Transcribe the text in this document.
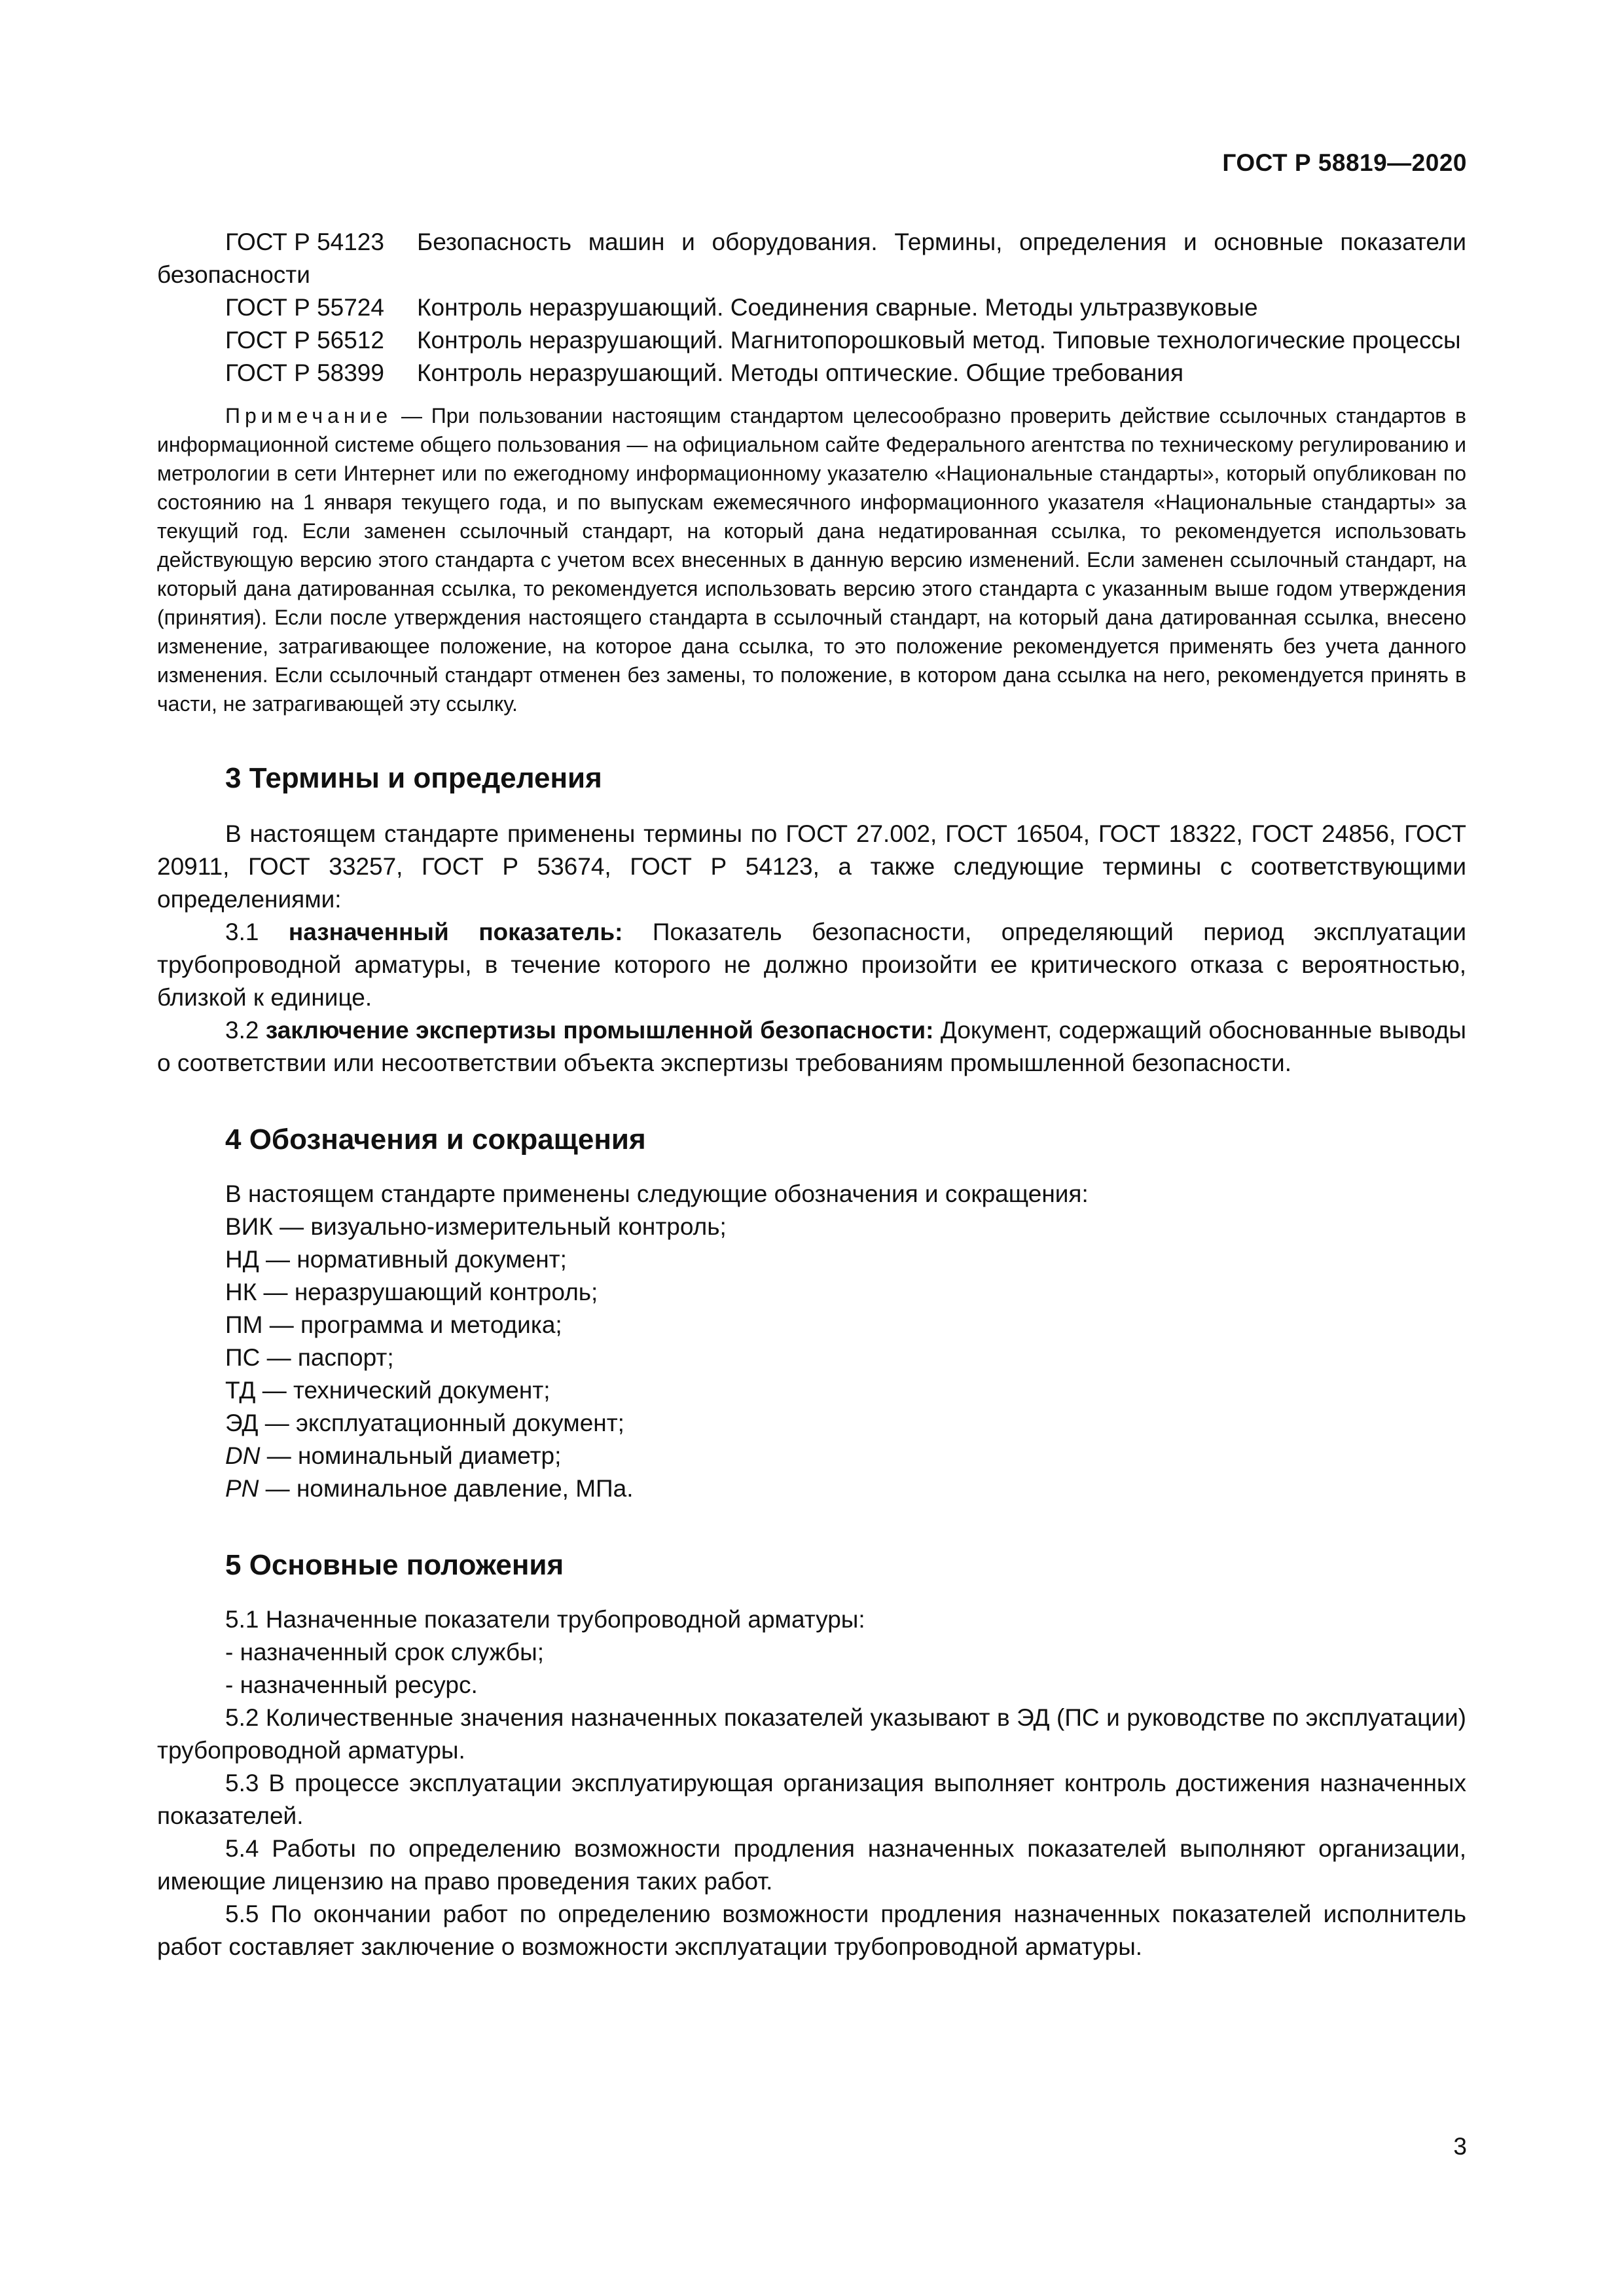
ГОСТ Р 58819—2020

ГОСТ Р 54123 Безопасность машин и оборудования. Термины, определения и основные показатели безопасности

ГОСТ Р 55724 Контроль неразрушающий. Соединения сварные. Методы ультразвуковые

ГОСТ Р 56512 Контроль неразрушающий. Магнитопорошковый метод. Типовые технологические процессы

ГОСТ Р 58399 Контроль неразрушающий. Методы оптические. Общие требования

Примечание — При пользовании настоящим стандартом целесообразно проверить действие ссылочных стандартов в информационной системе общего пользования — на официальном сайте Федерального агентства по техническому регулированию и метрологии в сети Интернет или по ежегодному информационному указателю «Национальные стандарты», который опубликован по состоянию на 1 января текущего года, и по выпускам ежемесячного информационного указателя «Национальные стандарты» за текущий год. Если заменен ссылочный стандарт, на который дана недатированная ссылка, то рекомендуется использовать действующую версию этого стандарта с учетом всех внесенных в данную версию изменений. Если заменен ссылочный стандарт, на который дана датированная ссылка, то рекомендуется использовать версию этого стандарта с указанным выше годом утверждения (принятия). Если после утверждения настоящего стандарта в ссылочный стандарт, на который дана датированная ссылка, внесено изменение, затрагивающее положение, на которое дана ссылка, то это положение рекомендуется применять без учета данного изменения. Если ссылочный стандарт отменен без замены, то положение, в котором дана ссылка на него, рекомендуется принять в части, не затрагивающей эту ссылку.

3 Термины и определения

В настоящем стандарте применены термины по ГОСТ 27.002, ГОСТ 16504, ГОСТ 18322, ГОСТ 24856, ГОСТ 20911, ГОСТ 33257, ГОСТ Р 53674, ГОСТ Р 54123, а также следующие термины с соответствующими определениями:

3.1 назначенный показатель: Показатель безопасности, определяющий период эксплуатации трубопроводной арматуры, в течение которого не должно произойти ее критического отказа с вероятностью, близкой к единице.

3.2 заключение экспертизы промышленной безопасности: Документ, содержащий обоснованные выводы о соответствии или несоответствии объекта экспертизы требованиям промышленной безопасности.

4 Обозначения и сокращения

В настоящем стандарте применены следующие обозначения и сокращения:

ВИК — визуально-измерительный контроль;

НД — нормативный документ;

НК — неразрушающий контроль;

ПМ — программа и методика;

ПС — паспорт;

ТД — технический документ;

ЭД — эксплуатационный документ;

DN — номинальный диаметр;

PN — номинальное давление, МПа.

5 Основные положения

5.1 Назначенные показатели трубопроводной арматуры:

- назначенный срок службы;

- назначенный ресурс.

5.2 Количественные значения назначенных показателей указывают в ЭД (ПС и руководстве по эксплуатации) трубопроводной арматуры.

5.3 В процессе эксплуатации эксплуатирующая организация выполняет контроль достижения назначенных показателей.

5.4 Работы по определению возможности продления назначенных показателей выполняют организации, имеющие лицензию на право проведения таких работ.

5.5 По окончании работ по определению возможности продления назначенных показателей исполнитель работ составляет заключение о возможности эксплуатации трубопроводной арматуры.

3
